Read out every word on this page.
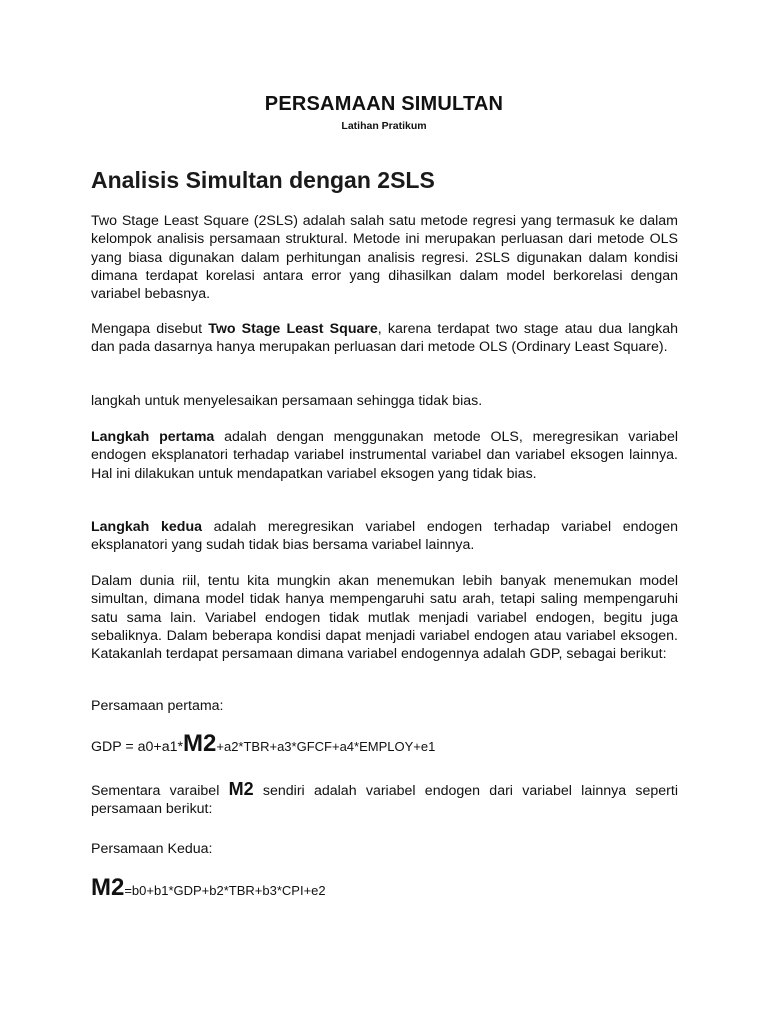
PERSAMAAN SIMULTAN
Latihan Pratikum
Analisis Simultan dengan 2SLS

Two Stage Least Square (2SLS) adalah salah satu metode regresi yang termasuk ke dalam kelompok analisis persamaan struktural. Metode ini merupakan perluasan dari metode OLS yang biasa digunakan dalam perhitungan analisis regresi. 2SLS digunakan dalam kondisi dimana terdapat korelasi antara error yang dihasilkan dalam model berkorelasi dengan variabel bebasnya.

Mengapa disebut Two Stage Least Square, karena terdapat two stage atau dua langkah dan pada dasarnya hanya merupakan perluasan dari metode OLS (Ordinary Least Square).

langkah untuk menyelesaikan persamaan sehingga tidak bias.

Langkah pertama adalah dengan menggunakan metode OLS, meregresikan variabel endogen eksplanatori terhadap variabel instrumental variabel dan variabel eksogen lainnya. Hal ini dilakukan untuk mendapatkan variabel eksogen yang tidak bias.

Langkah kedua adalah meregresikan variabel endogen terhadap variabel endogen eksplanatori yang sudah tidak bias bersama variabel lainnya.

Dalam dunia riil, tentu kita mungkin akan menemukan lebih banyak menemukan model simultan, dimana model tidak hanya mempengaruhi satu arah, tetapi saling mempengaruhi satu sama lain. Variabel endogen tidak mutlak menjadi variabel endogen, begitu juga sebaliknya. Dalam beberapa kondisi dapat menjadi variabel endogen atau variabel eksogen. Katakanlah terdapat persamaan dimana variabel endogennya adalah GDP, sebagai berikut:

Persamaan pertama:

GDP = a0+a1*M2+a2*TBR+a3*GFCF+a4*EMPLOY+e1

Sementara varaibel M2 sendiri adalah variabel endogen dari variabel lainnya seperti persamaan berikut:

Persamaan Kedua:

M2=b0+b1*GDP+b2*TBR+b3*CPI+e2
